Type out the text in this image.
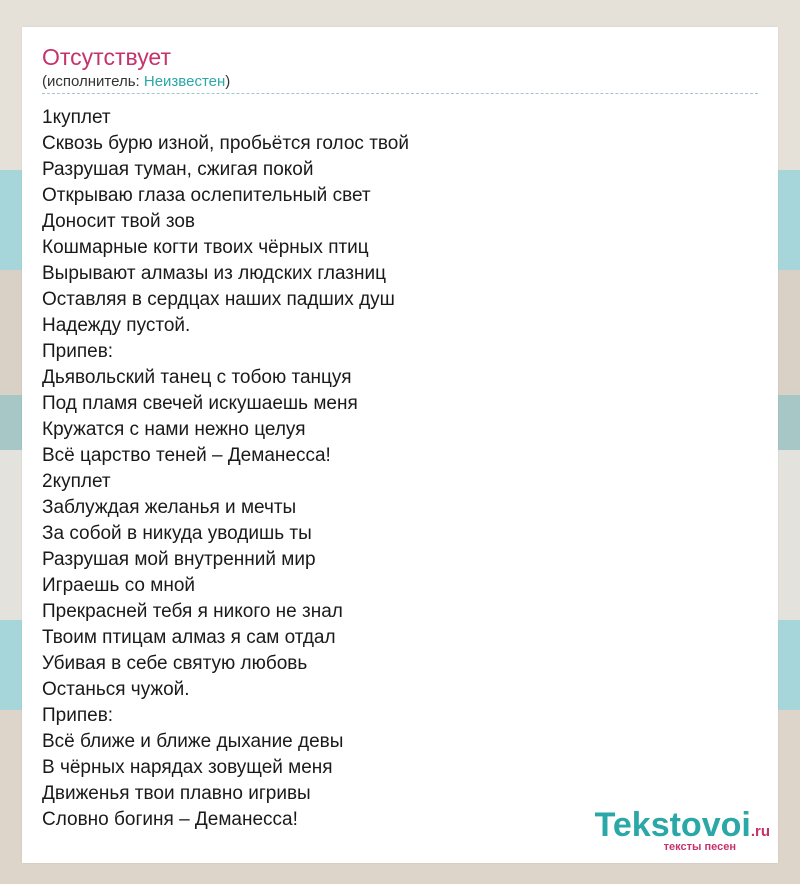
Отсутствует
(исполнитель: Неизвестен)
1куплет
Сквозь бурю изной, пробьётся голос твой
Разрушая туман, сжигая покой
Открываю глаза ослепительный свет
Доносит твой зов
Кошмарные когти твоих чёрных птиц
Вырывают алмазы из людских глазниц
Оставляя в сердцах наших падших душ
Надежду пустой.
Припев:
Дьявольский танец с тобою танцуя
Под пламя свечей искушаешь меня
Кружатся с нами нежно целуя
Всё царство теней – Деманесса!
2куплет
Заблуждая желанья и мечты
За собой в никуда уводишь ты
Разрушая мой внутренний мир
Играешь со мной
Прекрасней тебя я никого не знал
Твоим птицам алмаз я сам отдал
Убивая в себе святую любовь
Останься чужой.
Припев:
Всё ближе и ближе дыхание девы
В чёрных нарядах зовущей меня
Движенья твои плавно игривы
Словно богиня – Деманесса!	Tekstovoi.ru
тексты песен
